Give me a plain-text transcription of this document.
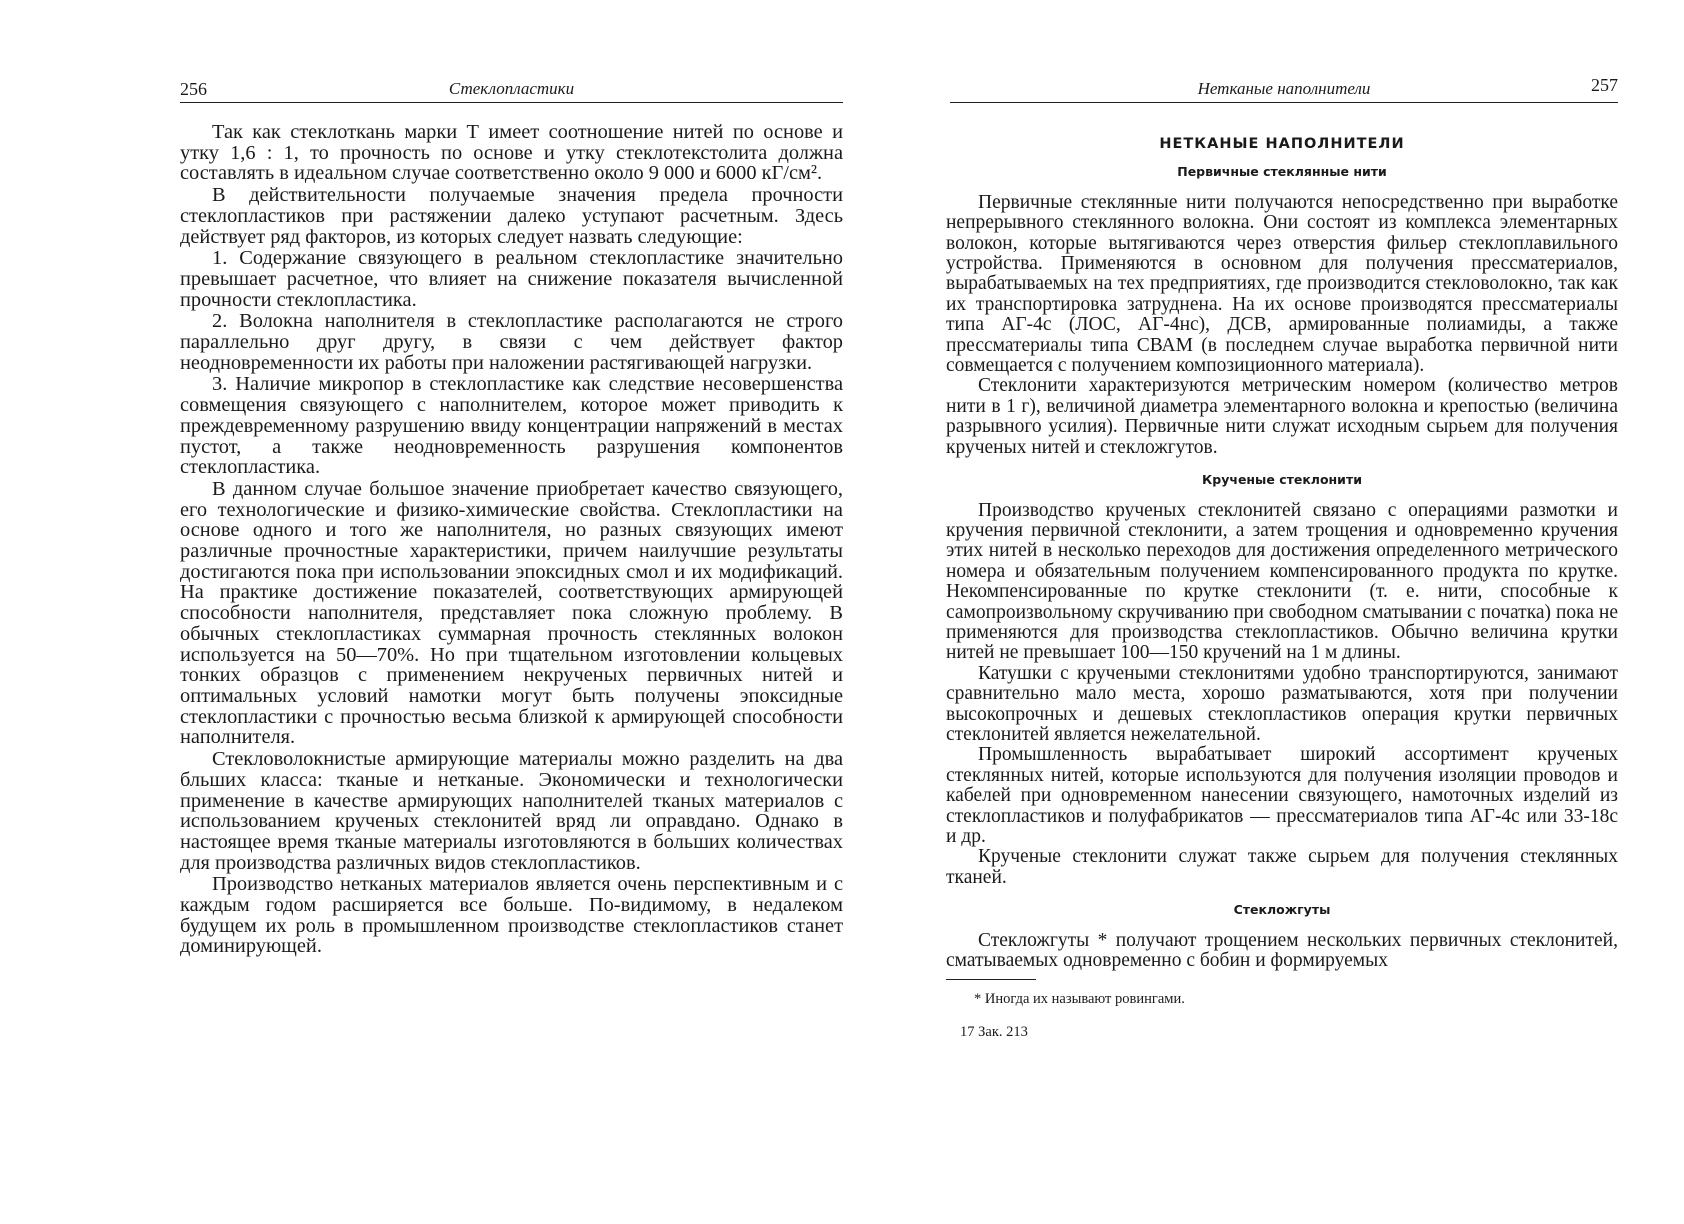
256	Стеклопластики

Так как стеклоткань марки Т имеет соотношение нитей по основе и утку 1,6 : 1, то прочность по основе и утку стеклотекстолита должна составлять в идеальном случае соответственно около 9 000 и 6000 кГ/см².

В действительности получаемые значения предела прочности стеклопластиков при растяжении далеко уступают расчетным. Здесь действует ряд факторов, из которых следует назвать следующие:

1. Содержание связующего в реальном стеклопластике значительно превышает расчетное, что влияет на снижение показателя вычисленной прочности стеклопластика.

2. Волокна наполнителя в стеклопластике располагаются не строго параллельно друг другу, в связи с чем действует фактор неодновременности их работы при наложении растягивающей нагрузки.

3. Наличие микропор в стеклопластике как следствие несовершенства совмещения связующего с наполнителем, которое может приводить к преждевременному разрушению ввиду концентрации напряжений в местах пустот, а также неодновременность разрушения компонентов стеклопластика.

В данном случае большое значение приобретает качество связующего, его технологические и физико-химические свойства. Стеклопластики на основе одного и того же наполнителя, но разных связующих имеют различные прочностные характеристики, причем наилучшие результаты достигаются пока при использовании эпоксидных смол и их модификаций. На практике достижение показателей, соответствующих армирующей способности наполнителя, представляет пока сложную проблему. В обычных стеклопластиках суммарная прочность стеклянных волокон используется на 50—70%. Но при тщательном изготовлении кольцевых тонких образцов с применением некрученых первичных нитей и оптимальных условий намотки могут быть получены эпоксидные стеклопластики с прочностью весьма близкой к армирующей способности наполнителя.

Стекловолокнистые армирующие материалы можно разделить на два бльших класса: тканые и нетканые. Экономически и технологически применение в качестве армирующих наполнителей тканых материалов с использованием крученых стеклонитей вряд ли оправдано. Однако в настоящее время тканые материалы изготовляются в больших количествах для производства различных видов стеклопластиков.

Производство нетканых материалов является очень перспективным и с каждым годом расширяется все больше. По-видимому, в недалеком будущем их роль в промышленном производстве стеклопластиков станет доминирующей.

Нетканые наполнители	257
НЕТКАНЫЕ НАПОЛНИТЕЛИ
Первичные стеклянные нити

Первичные стеклянные нити получаются непосредственно при выработке непрерывного стеклянного волокна. Они состоят из комплекса элементарных волокон, которые вытягиваются через отверстия фильер стеклоплавильного устройства. Применяются в основном для получения прессматериалов, вырабатываемых на тех предприятиях, где производится стекловолокно, так как их транспортировка затруднена. На их основе производятся прессматериалы типа АГ-4с (ЛОС, АГ-4нс), ДСВ, армированные полиамиды, а также прессматериалы типа СВАМ (в последнем случае выработка первичной нити совмещается с получением композиционного материала).

Стеклонити характеризуются метрическим номером (количество метров нити в 1 г), величиной диаметра элементарного волокна и крепостью (величина разрывного усилия). Первичные нити служат исходным сырьем для получения крученых нитей и стекложгутов.

Крученые стеклонити

Производство крученых стеклонитей связано с операциями размотки и кручения первичной стеклонити, а затем трощения и одновременно кручения этих нитей в несколько переходов для достижения определенного метрического номера и обязательным получением компенсированного продукта по крутке. Некомпенсированные по крутке стеклонити (т. е. нити, способные к самопроизвольному скручиванию при свободном сматывании с початка) пока не применяются для производства стеклопластиков. Обычно величина крутки нитей не превышает 100—150 кручений на 1 м длины.

Катушки с кручеными стеклонитями удобно транспортируются, занимают сравнительно мало места, хорошо разматываются, хотя при получении высокопрочных и дешевых стеклопластиков операция крутки первичных стеклонитей является нежелательной.

Промышленность вырабатывает широкий ассортимент крученых стеклянных нитей, которые используются для получения изоляции проводов и кабелей при одновременном нанесении связующего, намоточных изделий из стеклопластиков и полуфабрикатов — прессматериалов типа АГ-4с или 33-18с и др.

Крученые стеклонити служат также сырьем для получения стеклянных тканей.

Стекложгуты

Стекложгуты * получают трощением нескольких первичных стеклонитей, сматываемых одновременно с бобин и формируемых

* Иногда их называют ровингами.
17 Зак. 213
